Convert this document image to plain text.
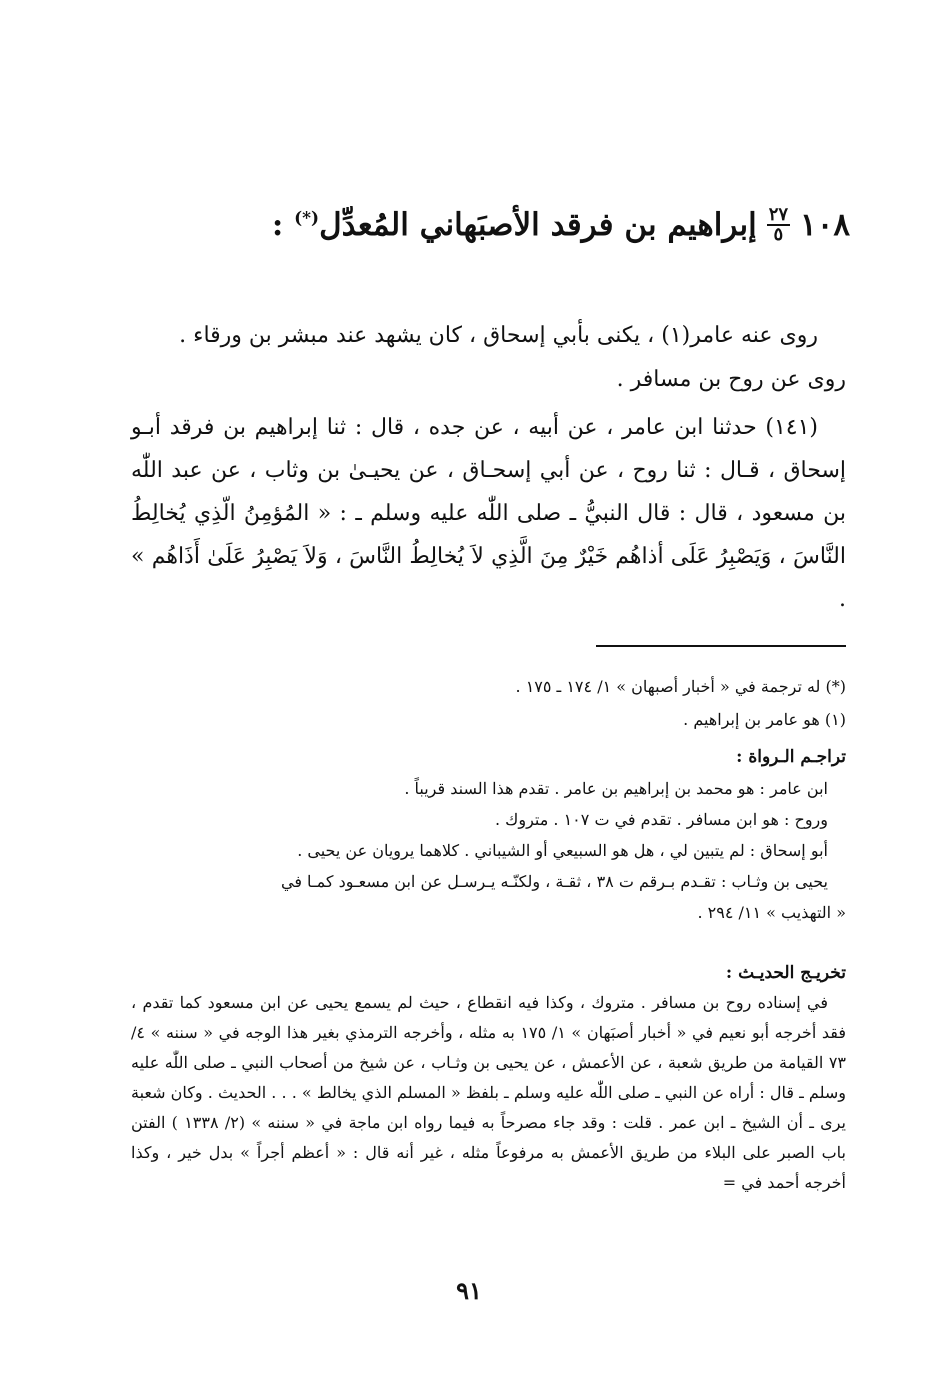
١٠٨
$\frac{٢٧}{٥}$
إبراهيم بن فرقد الأصبَهاني المُعدِّل(*) :

روى عنه عامر(١) ، يكنى بأبي إسحاق ، كان يشهد عند مبشر بن ورقاء .

روى عن روح بن مسافر .

(١٤١) حدثنا ابن عامر ، عن أبيه ، عن جده ، قال : ثنا إبراهيم بن فرقد أبـو إسحاق ، قـال : ثنا روح ، عن أبي إسحـاق ، عن يحيـىٰ بن وثاب ، عن عبد اللّٰه بن مسعود ، قال : قال النبيُّ ـ صلى اللّٰه عليه وسلم ـ : « المُؤمِنُ الّذِي يُخالِطُ النَّاسَ ، وَيَصْبِرُ عَلَى أذاهُم خَيْرٌ مِنَ الَّذِي لاَ يُخالِطُ النَّاسَ ، وَلاَ يَصْبِرُ عَلَىٰ أَذَاهُم » .

(*) له ترجمة في « أخبار أصبهان » ١/ ١٧٤ ـ ١٧٥ .

(١) هو عامر بن إبراهيم .

تراجـم الـرواة :

ابن عامر : هو محمد بن إبراهيم بن عامر . تقدم هذا السند قريباً .

وروح : هو ابن مسافر . تقدم في ت ١٠٧ . متروك .

أبو إسحاق : لم يتبين لي ، هل هو السبيعي أو الشيباني . كلاهما يرويان عن يحيى .

يحيى بن وثـاب : تقـدم بـرقم ت ٣٨ ، ثقـة ، ولكنّـه يـرسـل عن ابن مسعـود كمـا في

« التهذيب » ١١/ ٢٩٤ .

تخريـج الحديـث :

في إسناده روح بن مسافر . متروك ، وكذا فيه انقطاع ، حيث لم يسمع يحيى عن ابن مسعود كما تقدم ، فقد أخرجه أبو نعيم في « أخبار أصبَهان » ١/ ١٧٥ به مثله ، وأخرجه الترمذي بغير هذا الوجه في « سننه » ٤/ ٧٣ القيامة من طريق شعبة ، عن الأعمش ، عن يحيى بن وثـاب ، عن شيخ من أصحاب النبي ـ صلى اللّٰه عليه وسلم ـ قال : أراه عن النبي ـ صلى اللّٰه عليه وسلم ـ بلفظ « المسلم الذي يخالط » . . . الحديث . وكان شعبة يرى ـ أن الشيخ ـ ابن عمر . قلت : وقد جاء مصرحاً به فيما رواه ابن ماجة في « سننه » (٢/ ١٣٣٨ ) الفتن باب الصبر على البلاء من طريق الأعمش به مرفوعاً مثله ، غير أنه قال : « أعظم أجراً » بدل خير ، وكذا أخرجه أحمد في =

٩١
